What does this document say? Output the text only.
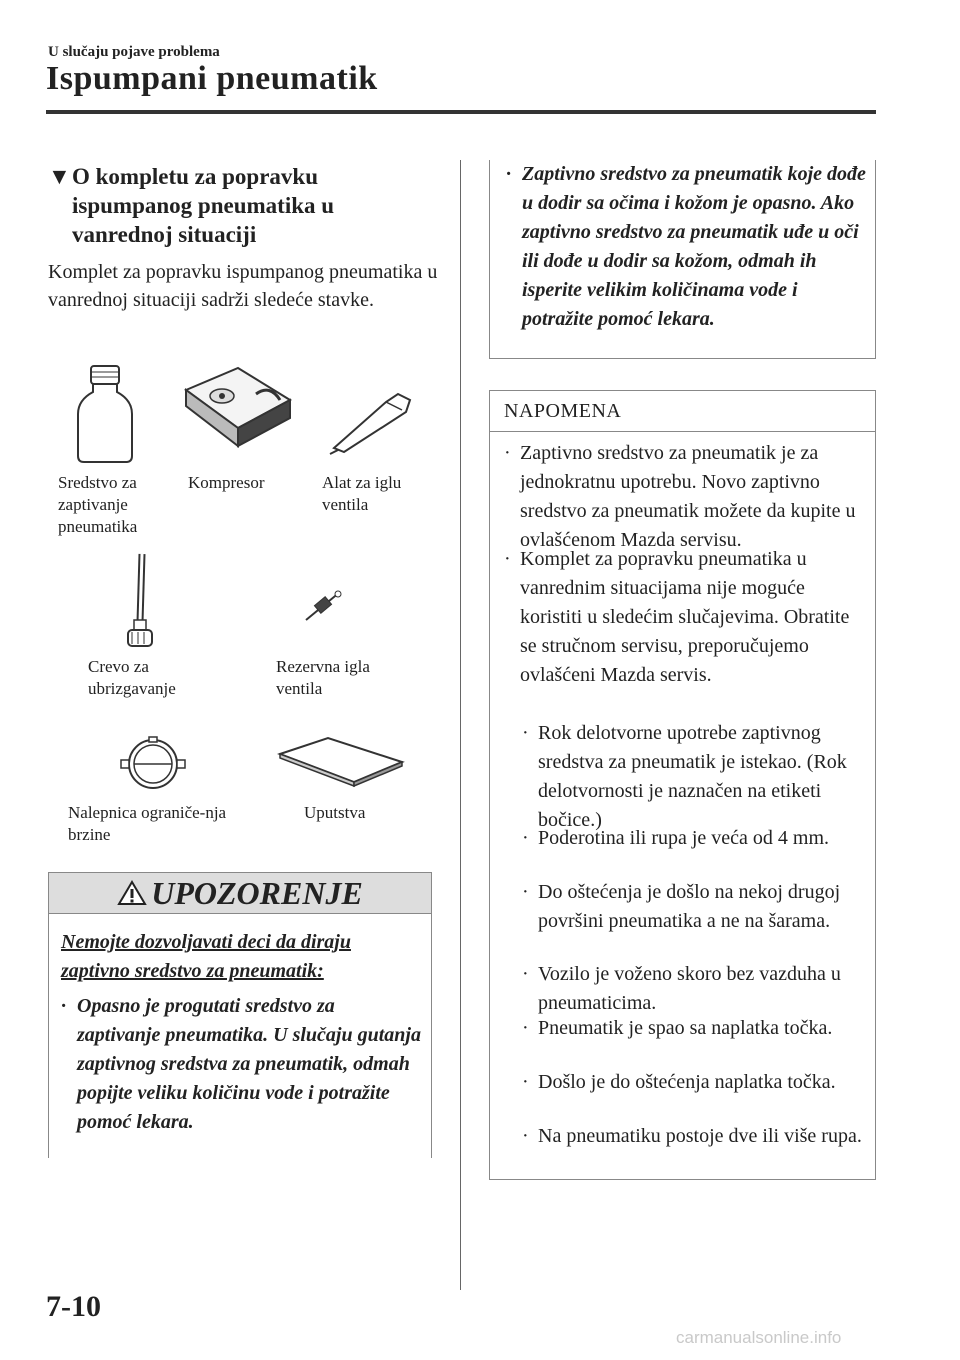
U slučaju pojave problema
Ispumpani pneumatik
▼ O kompletu za popravku ispumpanog pneumatika u vanrednoj situaciji
Komplet za popravku ispumpanog pneumatika u vanrednoj situaciji sadrži sledeće stavke.
Sredstvo za zaptivanje pneumatika
Kompresor	Alat za iglu ventila
Crevo za ubrizgavanje
Rezervna igla ventila
Nalepnica ograniče-nja brzine
Uputstva
UPOZORENJE
Nemojte dozvoljavati deci da diraju zaptivno sredstvo za pneumatik:
· Opasno je progutati sredstvo za zaptivanje pneumatika. U slučaju gutanja zaptivnog sredstva za pneumatik, odmah popijte veliku količinu vode i potražite pomoć lekara.
· Zaptivno sredstvo za pneumatik koje dođe u dodir sa očima i kožom je opasno. Ako zaptivno sredstvo za pneumatik uđe u oči ili dođe u dodir sa kožom, odmah ih isperite velikim količinama vode i potražite pomoć lekara.
NAPOMENA
· Zaptivno sredstvo za pneumatik je za jednokratnu upotrebu. Novo zaptivno sredstvo za pneumatik možete da kupite u ovlašćenom Mazda servisu.
· Komplet za popravku pneumatika u vanrednim situacijama nije moguće koristiti u sledećim slučajevima. Obratite se stručnom servisu, preporučujemo ovlašćeni Mazda servis.
· Rok delotvorne upotrebe zaptivnog sredstva za pneumatik je istekao. (Rok delotvornosti je naznačen na etiketi bočice.)
· Poderotina ili rupa je veća od 4 mm.
· Do oštećenja je došlo na nekoj drugoj površini pneumatika a ne na šarama.
· Vozilo je voženo skoro bez vazduha u pneumaticima.
· Pneumatik je spao sa naplatka točka.
· Došlo je do oštećenja naplatka točka.
· Na pneumatiku postoje dve ili više rupa.
7-10
carmanualsonline.info
